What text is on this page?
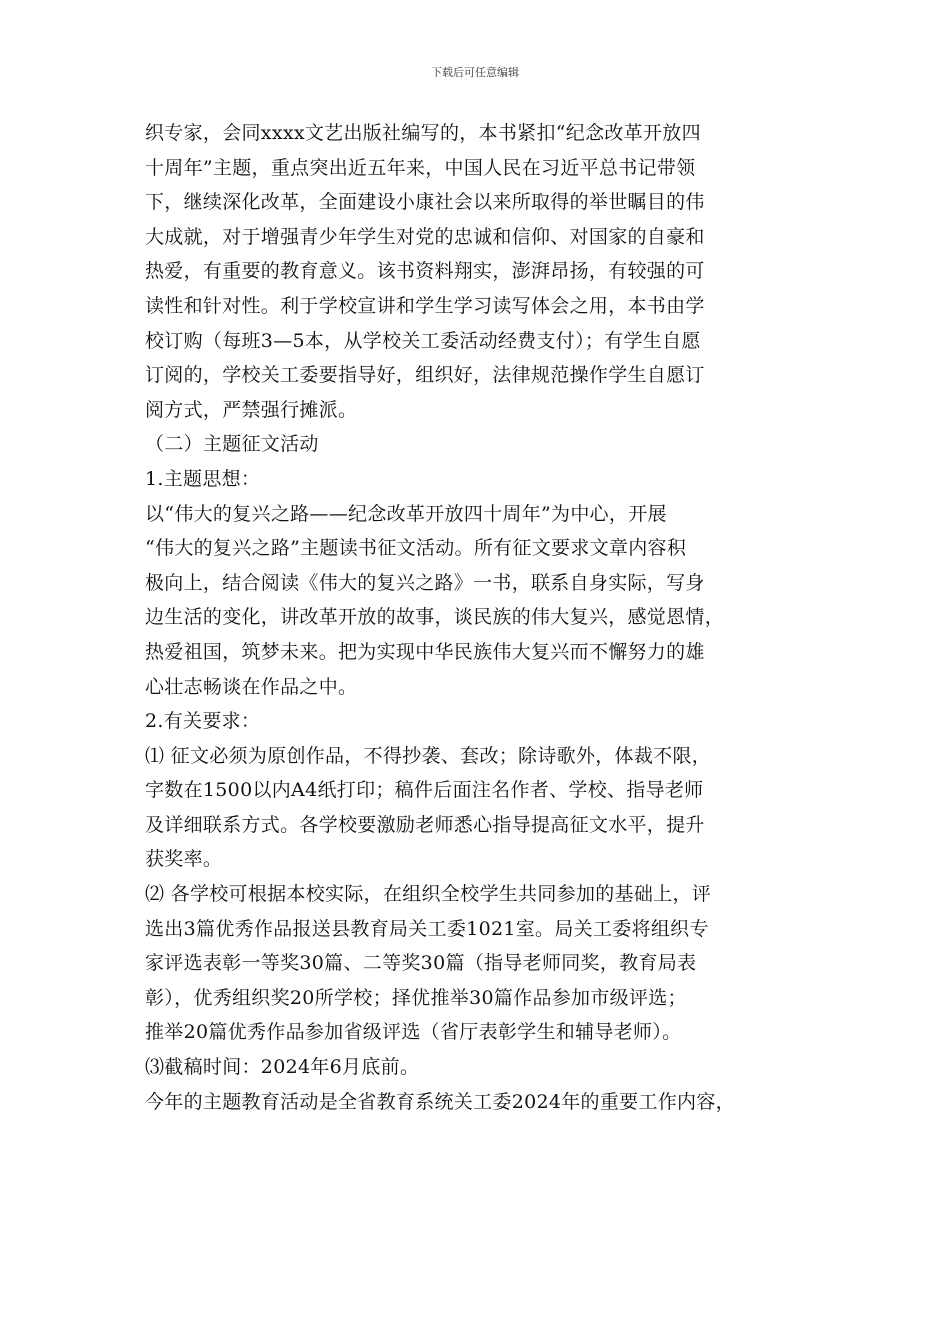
下载后可任意编辑
织专家，会同xxxx文艺出版社编写的，本书紧扣“纪念改革开放四
十周年”主题，重点突出近五年来，中国人民在习近平总书记带领
下，继续深化改革，全面建设小康社会以来所取得的举世瞩目的伟
大成就，对于增强青少年学生对党的忠诚和信仰、对国家的自豪和
热爱，有重要的教育意义。该书资料翔实，澎湃昂扬，有较强的可
读性和针对性。利于学校宣讲和学生学习读写体会之用，本书由学
校订购（每班3—5本，从学校关工委活动经费支付）；有学生自愿
订阅的，学校关工委要指导好，组织好，法律规范操作学生自愿订
阅方式，严禁强行摊派。
（二）主题征文活动
1.主题思想：
以“伟大的复兴之路——纪念改革开放四十周年”为中心，开展
“伟大的复兴之路”主题读书征文活动。所有征文要求文章内容积
极向上，结合阅读《伟大的复兴之路》一书，联系自身实际，写身
边生活的变化，讲改革开放的故事，谈民族的伟大复兴，感觉恩情，
热爱祖国，筑梦未来。把为实现中华民族伟大复兴而不懈努力的雄
心壮志畅谈在作品之中。
2.有关要求：
⑴ 征文必须为原创作品，不得抄袭、套改；除诗歌外，体裁不限，
字数在1500以内A4纸打印；稿件后面注名作者、学校、指导老师
及详细联系方式。各学校要激励老师悉心指导提高征文水平，提升
获奖率。
⑵ 各学校可根据本校实际，在组织全校学生共同参加的基础上，评
选出3篇优秀作品报送县教育局关工委1021室。局关工委将组织专
家评选表彰一等奖30篇、二等奖30篇（指导老师同奖，教育局表
彰），优秀组织奖20所学校；择优推举30篇作品参加市级评选；
推举20篇优秀作品参加省级评选（省厅表彰学生和辅导老师）。
⑶截稿时间：2024年6月底前。
今年的主题教育活动是全省教育系统关工委2024年的重要工作内容，
